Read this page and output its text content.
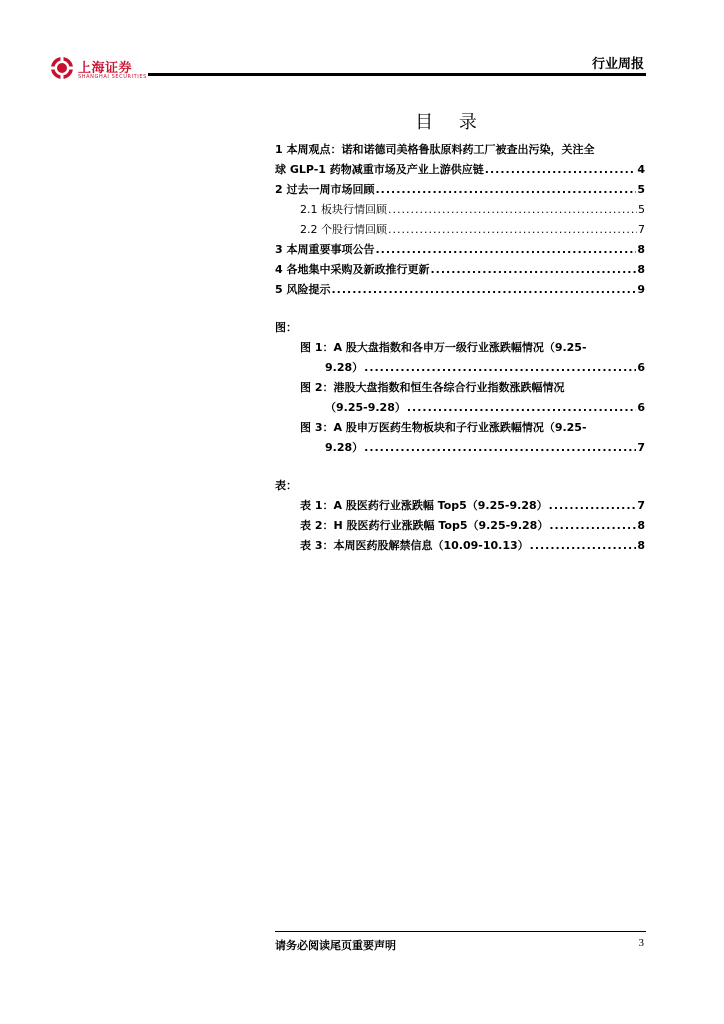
上海证券
SHANGHAI SECURITIES
行业周报
目 录
1 本周观点：诺和诺德司美格鲁肽原料药工厂被查出污染，关注全
球 GLP-1 药物减重市场及产业上游供应链 .....	4
2 过去一周市场回顾 .....	5
2.1 板块行情回顾 .....	5
2.2 个股行情回顾 .....	7
3 本周重要事项公告 .....	8
4 各地集中采购及新政推行更新 .....	8
5 风险提示 .....	9
图：
图 1：A 股大盘指数和各申万一级行业涨跌幅情况（9.25-
9.28） .....	6
图 2：港股大盘指数和恒生各综合行业指数涨跌幅情况
（9.25-9.28） .....	6
图 3：A 股申万医药生物板块和子行业涨跌幅情况（9.25-
9.28） .....	7
表：
表 1：A 股医药行业涨跌幅 Top5（9.25-9.28） .....	7
表 2：H 股医药行业涨跌幅 Top5（9.25-9.28） .....	8
表 3：本周医药股解禁信息（10.09-10.13） .....	8
请务必阅读尾页重要声明	3
